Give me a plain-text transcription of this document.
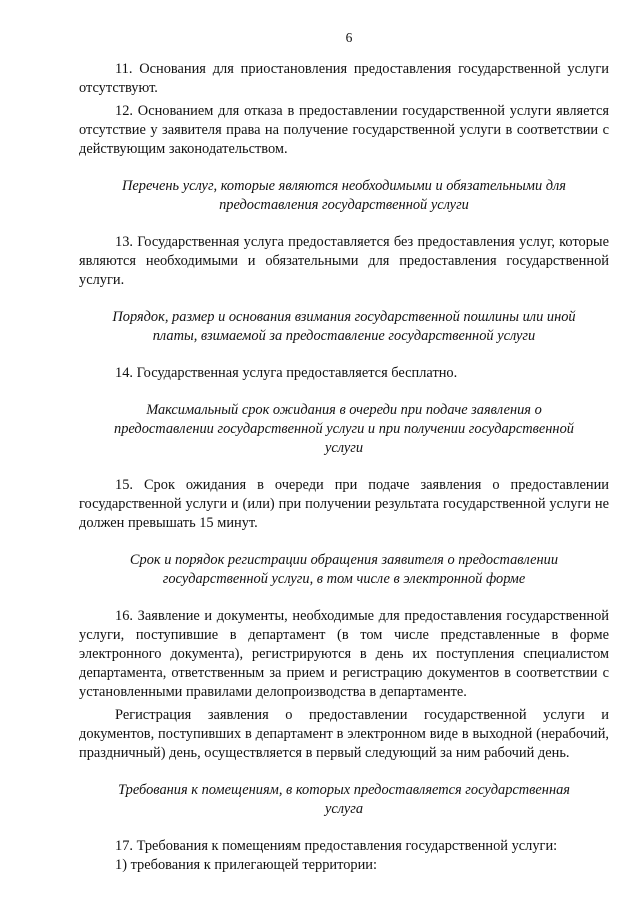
6

11. Основания для приостановления предоставления государственной услуги отсутствуют.

12. Основанием для отказа в предоставлении государственной услуги является отсутствие у заявителя права на получение государственной услуги в соответствии с действующим законодательством.

Перечень услуг, которые являются необходимыми и обязательными для предоставления государственной услуги

13. Государственная услуга предоставляется без предоставления услуг, которые являются необходимыми и обязательными для предоставления государственной услуги.

Порядок, размер и основания взимания государственной пошлины или иной платы, взимаемой за предоставление государственной услуги

14. Государственная услуга предоставляется бесплатно.

Максимальный срок ожидания в очереди при подаче заявления о предоставлении государственной услуги и при получении государственной услуги

15. Срок ожидания в очереди при подаче заявления о предоставлении государственной услуги и (или) при получении результата государственной услуги не должен превышать 15 минут.

Срок и порядок регистрации обращения заявителя о предоставлении государственной услуги, в том числе в электронной форме

16. Заявление и документы, необходимые для предоставления государственной услуги, поступившие в департамент (в том числе представленные в форме электронного документа), регистрируются в день их поступления специалистом департамента, ответственным за прием и регистрацию документов в соответствии с установленными правилами делопроизводства в департаменте.

Регистрация заявления о предоставлении государственной услуги и документов, поступивших в департамент в электронном виде в выходной (нерабочий, праздничный) день, осуществляется в первый следующий за ним рабочий день.

Требования к помещениям, в которых предоставляется государственная услуга

17. Требования к помещениям предоставления государственной услуги:

1) требования к прилегающей территории:
